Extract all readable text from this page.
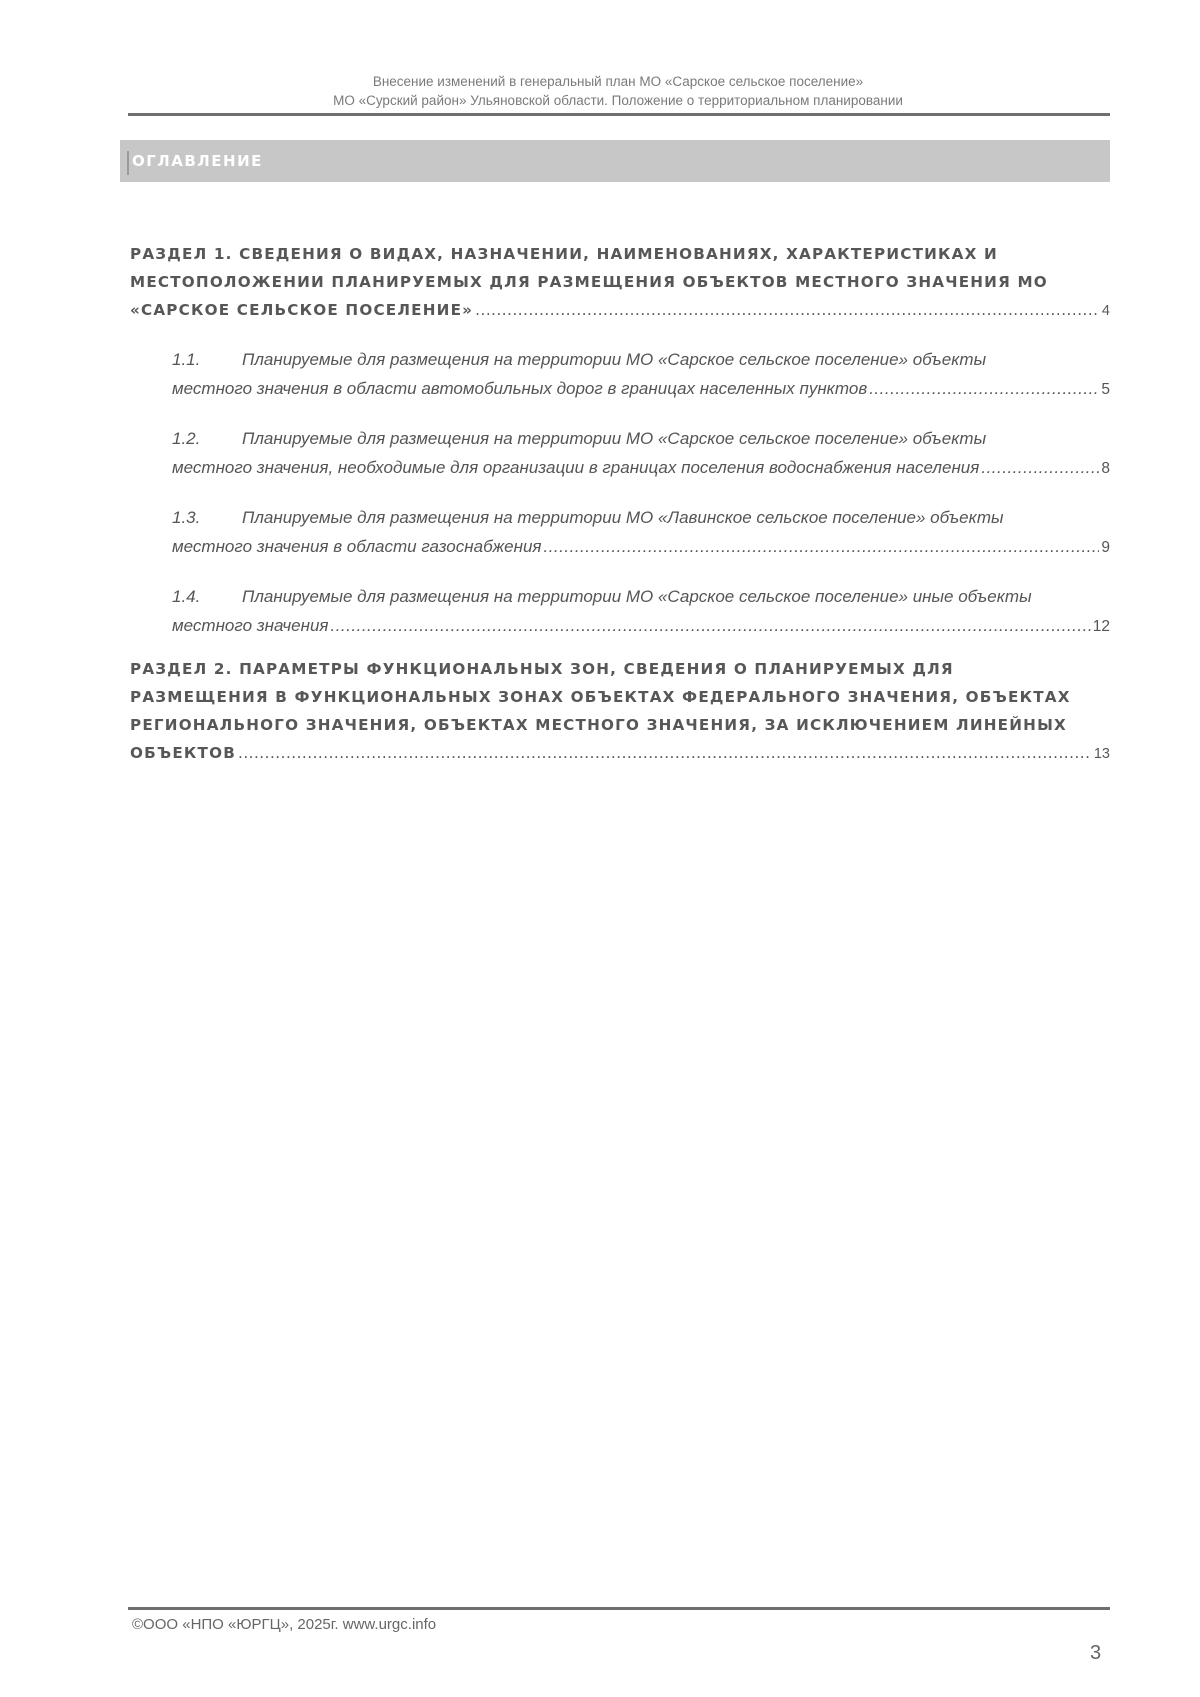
Внесение изменений в генеральный план МО «Сарское сельское поселение»
МО «Сурский район» Ульяновской области. Положение о территориальном планировании
ОГЛАВЛЕНИЕ
РАЗДЕЛ 1. СВЕДЕНИЯ О ВИДАХ, НАЗНАЧЕНИИ, НАИМЕНОВАНИЯХ, ХАРАКТЕРИСТИКАХ И
МЕСТОПОЛОЖЕНИИ ПЛАНИРУЕМЫХ ДЛЯ РАЗМЕЩЕНИЯ ОБЪЕКТОВ МЕСТНОГО ЗНАЧЕНИЯ МО
«САРСКОЕ СЕЛЬСКОЕ ПОСЕЛЕНИЕ» .....	4
1.1. Планируемые для размещения на территории МО «Сарское сельское поселение» объекты
местного значения в области автомобильных дорог в границах населенных пунктов .....	5
1.2. Планируемые для размещения на территории МО «Сарское сельское поселение» объекты
местного значения, необходимые для организации в границах поселения водоснабжения населения .....	8
1.3. Планируемые для размещения на территории МО «Лавинское сельское поселение» объекты
местного значения в области газоснабжения .....	9
1.4. Планируемые для размещения на территории МО «Сарское сельское поселение» иные объекты
местного значения .....	12
РАЗДЕЛ 2. ПАРАМЕТРЫ ФУНКЦИОНАЛЬНЫХ ЗОН, СВЕДЕНИЯ О ПЛАНИРУЕМЫХ ДЛЯ
РАЗМЕЩЕНИЯ В ФУНКЦИОНАЛЬНЫХ ЗОНАХ ОБЪЕКТАХ ФЕДЕРАЛЬНОГО ЗНАЧЕНИЯ, ОБЪЕКТАХ
РЕГИОНАЛЬНОГО ЗНАЧЕНИЯ, ОБЪЕКТАХ МЕСТНОГО ЗНАЧЕНИЯ, ЗА ИСКЛЮЧЕНИЕМ ЛИНЕЙНЫХ
ОБЪЕКТОВ .....	13
©ООО «НПО «ЮРГЦ», 2025г. www.urgc.info
3
